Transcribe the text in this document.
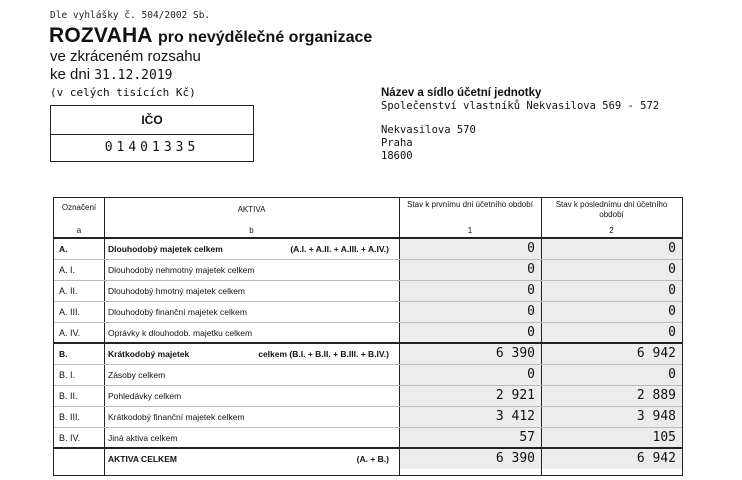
Dle vyhlášky č. 504/2002 Sb.
ROZVAHA pro nevýdělečné organizace
ve zkráceném rozsahu
ke dni 31.12.2019
(v celých tisících Kč)
IČO
01401335
Název a sídlo účetní jednotky
Společenství vlastníků Nekvasilova 569 - 572
Nekvasilova 570
Praha
18600
Označení	AKTIVA
Stav k prvnímu dni účetního období	Stav k poslednímu dni účetního období
a	b	1	2
A.	Dlouhodobý majetek celkem	(A.I. + A.II. + A.III. + A.IV.)	0	0
A. I.	Dlouhodobý nehmotný majetek celkem	0	0
A. II.	Dlouhodobý hmotný majetek celkem	0	0
A. III.	Dlouhodobý finanční majetek celkem	0	0
A. IV.	Oprávky k dlouhodob. majetku celkem	0	0
B.	Krátkodobý majetek	celkem (B.I. + B.II. + B.III. + B.IV.)	6 390	6 942
B. I.	Zásoby celkem	0	0
B. II.	Pohledávky celkem	2 921	2 889
B. III.	Krátkodobý finanční majetek celkem	3 412	3 948
B. IV.	Jiná aktiva celkem	57	105
AKTIVA CELKEM	(A. + B.)	6 390	6 942
